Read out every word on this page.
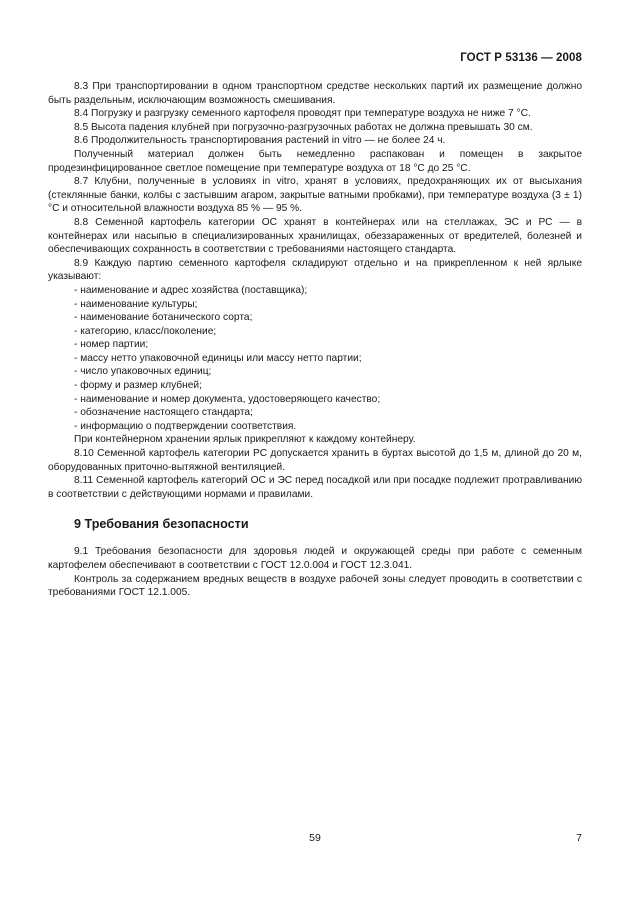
ГОСТ Р 53136 — 2008

8.3 При транспортировании в одном транспортном средстве нескольких партий их размещение должно быть раздельным, исключающим возможность смешивания.

8.4 Погрузку и разгрузку семенного картофеля проводят при температуре воздуха не ниже 7 °С.

8.5 Высота падения клубней при погрузочно-разгрузочных работах не должна превышать 30 см.

8.6 Продолжительность транспортирования растений in vitro — не более 24 ч.

Полученный материал должен быть немедленно распакован и помещен в закрытое продезинфицированное светлое помещение при температуре воздуха от 18 °С до 25 °С.

8.7 Клубни, полученные в условиях in vitro, хранят в условиях, предохраняющих их от высыхания (стеклянные банки, колбы с застывшим агаром, закрытые ватными пробками), при температуре воздуха (3 ± 1) °С и относительной влажности воздуха 85 % — 95 %.

8.8 Семенной картофель категории ОС хранят в контейнерах или на стеллажах, ЭС и РС — в контейнерах или насыпью в специализированных хранилищах, обеззараженных от вредителей, болезней и обеспечивающих сохранность в соответствии с требованиями настоящего стандарта.

8.9 Каждую партию семенного картофеля складируют отдельно и на прикрепленном к ней ярлыке указывают:

- наименование и адрес хозяйства (поставщика);

- наименование культуры;

- наименование ботанического сорта;

- категорию, класс/поколение;

- номер партии;

- массу нетто упаковочной единицы или массу нетто партии;

- число упаковочных единиц;

- форму и размер клубней;

- наименование и номер документа, удостоверяющего качество;

- обозначение настоящего стандарта;

- информацию о подтверждении соответствия.

При контейнерном хранении ярлык прикрепляют к каждому контейнеру.

8.10 Семенной картофель категории РС допускается хранить в буртах высотой до 1,5 м, длиной до 20 м, оборудованных приточно-вытяжной вентиляцией.

8.11 Семенной картофель категорий ОС и ЭС перед посадкой или при посадке подлежит протравливанию в соответствии с действующими нормами и правилами.

9 Требования безопасности

9.1 Требования безопасности для здоровья людей и окружающей среды при работе с семенным картофелем обеспечивают в соответствии с ГОСТ 12.0.004 и ГОСТ 12.3.041.

Контроль за содержанием вредных веществ в воздухе рабочей зоны следует проводить в соответствии с требованиями ГОСТ 12.1.005.

59	7
